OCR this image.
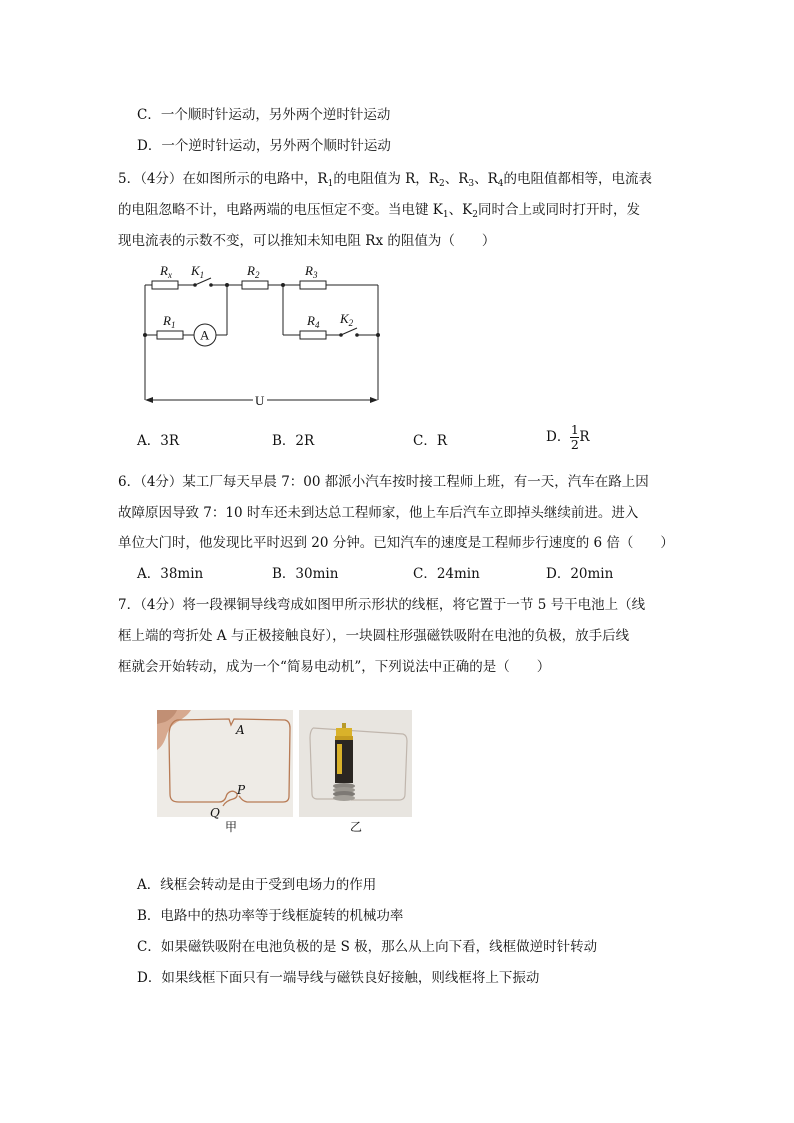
C．一个顺时针运动，另外两个逆时针运动
D．一个逆时针运动，另外两个顺时针运动
5．（4分）在如图所示的电路中，$R_1$的电阻值为 R，$R_2$、$R_3$、$R_4$的电阻值都相等，电流表
的电阻忽略不计，电路两端的电压恒定不变。当电键 $K_1$、$K_2$同时合上或同时打开时，发
现电流表的示数不变，可以推知未知电阻 Rx 的阻值为（　　）
$R_x$ $K_1$	$R_2$	$R_3$
$R_1$	$R_4$ $K_2$
A
U
A．3R	B．2R	C．R	D． $\frac{1}{2}$ R
6．（4分）某工厂每天早晨 7：00 都派小汽车按时接工程师上班，有一天，汽车在路上因
故障原因导致 7：10 时车还未到达总工程师家，他上车后汽车立即掉头继续前进。进入
单位大门时，他发现比平时迟到 20 分钟。已知汽车的速度是工程师步行速度的 6 倍（　　）
A．38min	B．30min	C．24min	D．20min
7．（4分）将一段裸铜导线弯成如图甲所示形状的线框，将它置于一节 5 号干电池上（线
框上端的弯折处 A 与正极接触良好），一块圆柱形强磁铁吸附在电池的负极，放手后线
框就会开始转动，成为一个“简易电动机”，下列说法中正确的是（　　）
A
P
Q
甲	乙
A．线框会转动是由于受到电场力的作用
B．电路中的热功率等于线框旋转的机械功率
C．如果磁铁吸附在电池负极的是 S 极，那么从上向下看，线框做逆时针转动
D．如果线框下面只有一端导线与磁铁良好接触，则线框将上下振动
